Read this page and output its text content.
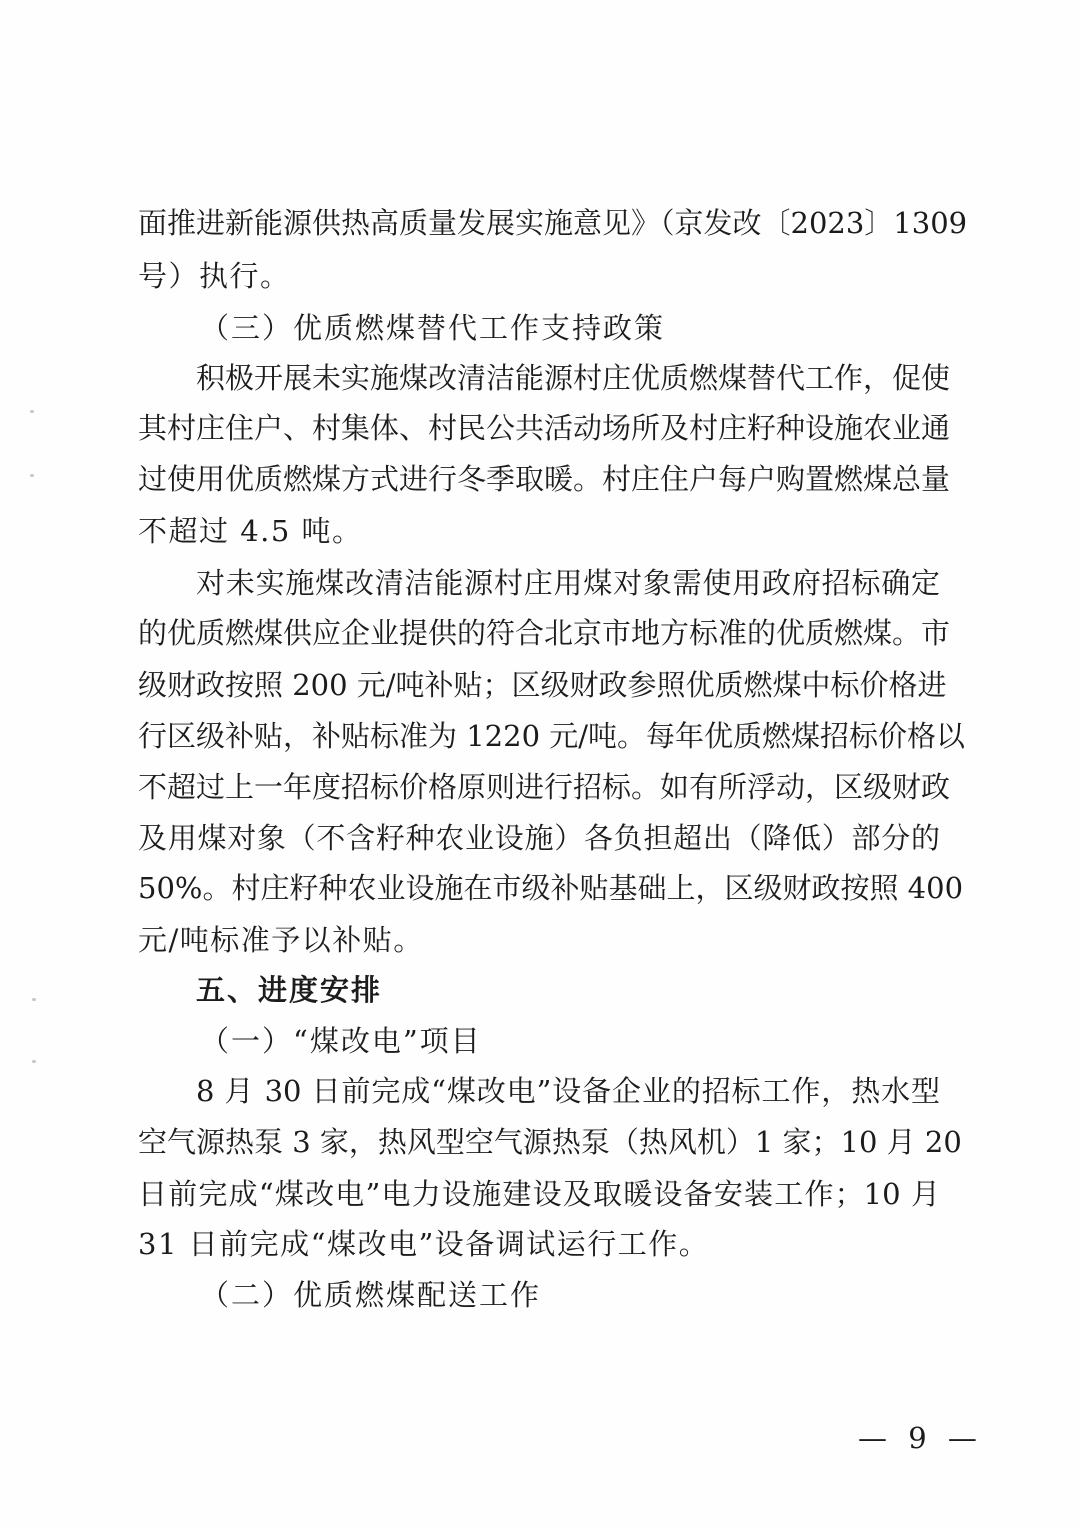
面推进新能源供热高质量发展实施意见》（京发改〔2023〕1309
号）执行。
（三）优质燃煤替代工作支持政策
积极开展未实施煤改清洁能源村庄优质燃煤替代工作，促使
其村庄住户、村集体、村民公共活动场所及村庄籽种设施农业通
过使用优质燃煤方式进行冬季取暖。村庄住户每户购置燃煤总量
不超过 4.5 吨。
对未实施煤改清洁能源村庄用煤对象需使用政府招标确定
的优质燃煤供应企业提供的符合北京市地方标准的优质燃煤。市
级财政按照 200 元/吨补贴；区级财政参照优质燃煤中标价格进
行区级补贴，补贴标准为 1220 元/吨。每年优质燃煤招标价格以
不超过上一年度招标价格原则进行招标。如有所浮动，区级财政
及用煤对象（不含籽种农业设施）各负担超出（降低）部分的
50%。村庄籽种农业设施在市级补贴基础上，区级财政按照 400
元/吨标准予以补贴。
五、进度安排
（一）“煤改电”项目
8 月 30 日前完成“煤改电”设备企业的招标工作，热水型
空气源热泵 3 家，热风型空气源热泵（热风机）1 家；10 月 20
日前完成“煤改电”电力设施建设及取暖设备安装工作；10 月
31 日前完成“煤改电”设备调试运行工作。
（二）优质燃煤配送工作
— 9 —
